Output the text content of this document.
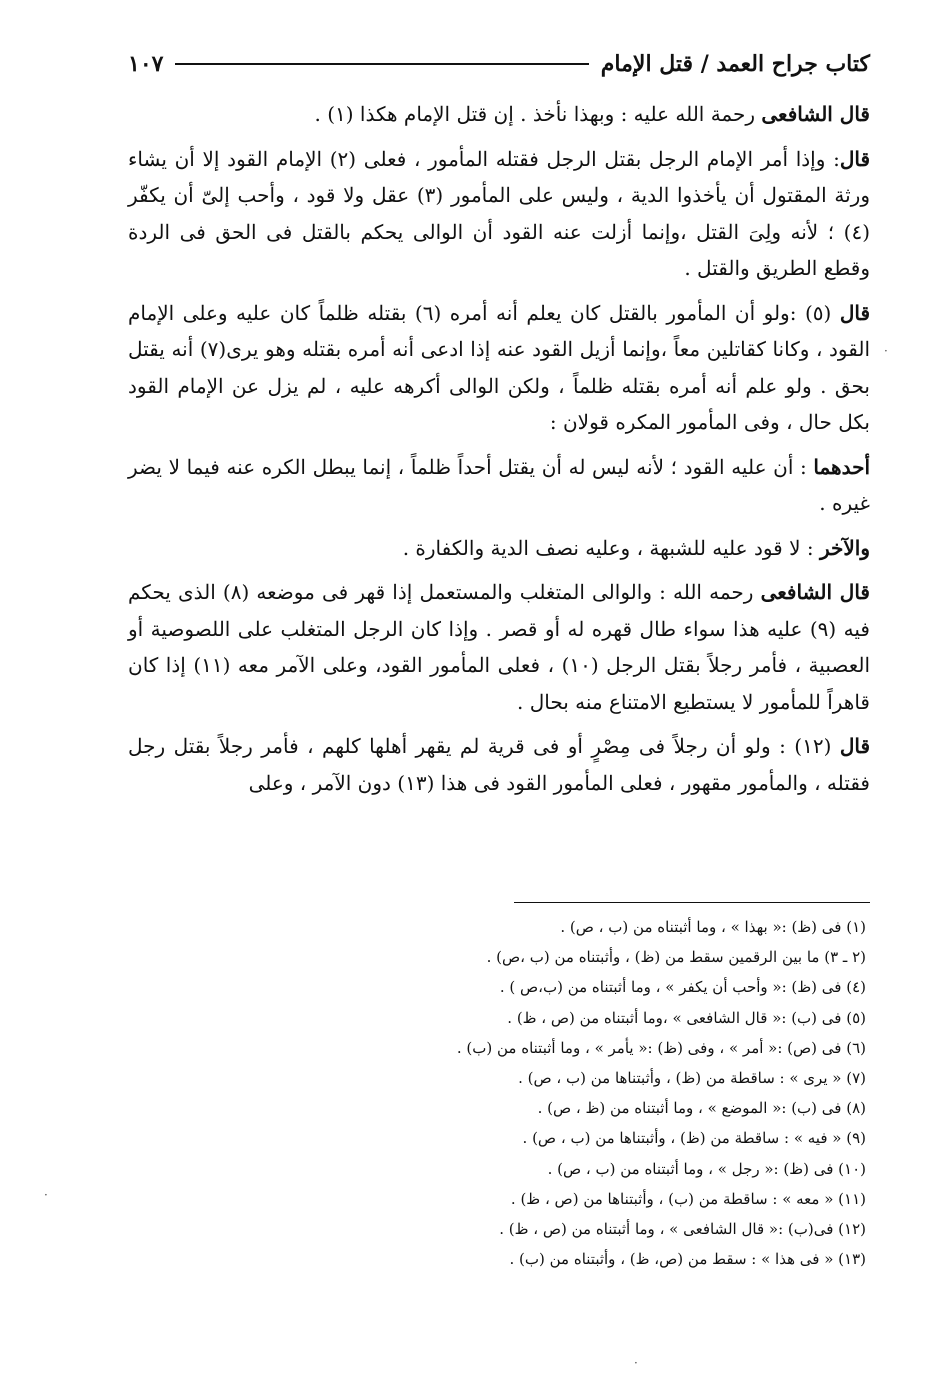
كتاب جراح العمد / قتل الإمام
١٠٧

قال الشافعى رحمة الله عليه : وبهذا نأخذ . إن قتل الإمام هكذا (١) .

قال: وإذا أمر الإمام الرجل بقتل الرجل فقتله المأمور ، فعلى (٢) الإمام القود إلا أن يشاء ورثة المقتول أن يأخذوا الدية ، وليس على المأمور (٣) عقل ولا قود ، وأحب إلىّ أن يكفّر (٤) ؛ لأنه ولِىَ القتل ،وإنما أزلت عنه القود أن الوالى يحكم بالقتل فى الحق فى الردة وقطع الطريق والقتل .

قال (٥) :ولو أن المأمور بالقتل كان يعلم أنه أمره (٦) بقتله ظلماً كان عليه وعلى الإمام القود ، وكانا كقاتلين معاً ،وإنما أزيل القود عنه إذا ادعى أنه أمره بقتله وهو يرى(٧) أنه يقتل بحق . ولو علم أنه أمره بقتله ظلماً ، ولكن الوالى أكرهه عليه ، لم يزل عن الإمام القود بكل حال ، وفى المأمور المكره قولان :

أحدهما : أن عليه القود ؛ لأنه ليس له أن يقتل أحداً ظلماً ، إنما يبطل الكره عنه فيما لا يضر غيره .

والآخر : لا قود عليه للشبهة ، وعليه نصف الدية والكفارة .

قال الشافعى رحمه الله : والوالى المتغلب والمستعمل إذا قهر فى موضعه (٨) الذى يحكم فيه (٩) عليه هذا سواء طال قهره له أو قصر . وإذا كان الرجل المتغلب على اللصوصية أو العصبية ، فأمر رجلاً بقتل الرجل (١٠) ، فعلى المأمور القود، وعلى الآمر معه (١١) إذا كان قاهراً للمأمور لا يستطيع الامتناع منه بحال .

قال (١٢) : ولو أن رجلاً فى مِصْرٍ أو فى قرية لم يقهر أهلها كلهم ، فأمر رجلاً بقتل رجل فقتله ، والمأمور مقهور ، فعلى المأمور القود فى هذا (١٣) دون الآمر ، وعلى

(١) فى (ظ) :« بهذا » ، وما أثبتناه من (ب ، ص) .

(٢ ـ ٣) ما بين الرقمين سقط من (ظ) ، وأثبتناه من (ب ،ص) .

(٤) فى (ظ) :« وأحب أن يكفر » ، وما أثبتناه من (ب،ص ) .

(٥) فى (ب) :« قال الشافعى » ،وما أثبتناه من (ص ، ظ) .

(٦) فى (ص) :« أمر » ، وفى (ظ) :« يأمر » ، وما أثبتناه من (ب) .

(٧) « يرى » : ساقطة من (ظ) ، وأثبتناها من (ب ، ص) .

(٨) فى (ب) :« الموضع » ، وما أثبتناه من (ظ ، ص) .

(٩) « فيه » : ساقطة من (ظ) ، وأثبتناها من (ب ، ص) .

(١٠) فى (ظ) :« رجل » ، وما أثبتناه من (ب ، ص) .

(١١) « معه » : ساقطة من (ب) ، وأثبتناها من (ص ، ظ) .

(١٢) فى(ب) :« قال الشافعى » ، وما أثبتناه من (ص ، ظ) .

(١٣) « فى هذا » : سقط من (ص، ظ) ، وأثبتناه من (ب) .

·
·
·
